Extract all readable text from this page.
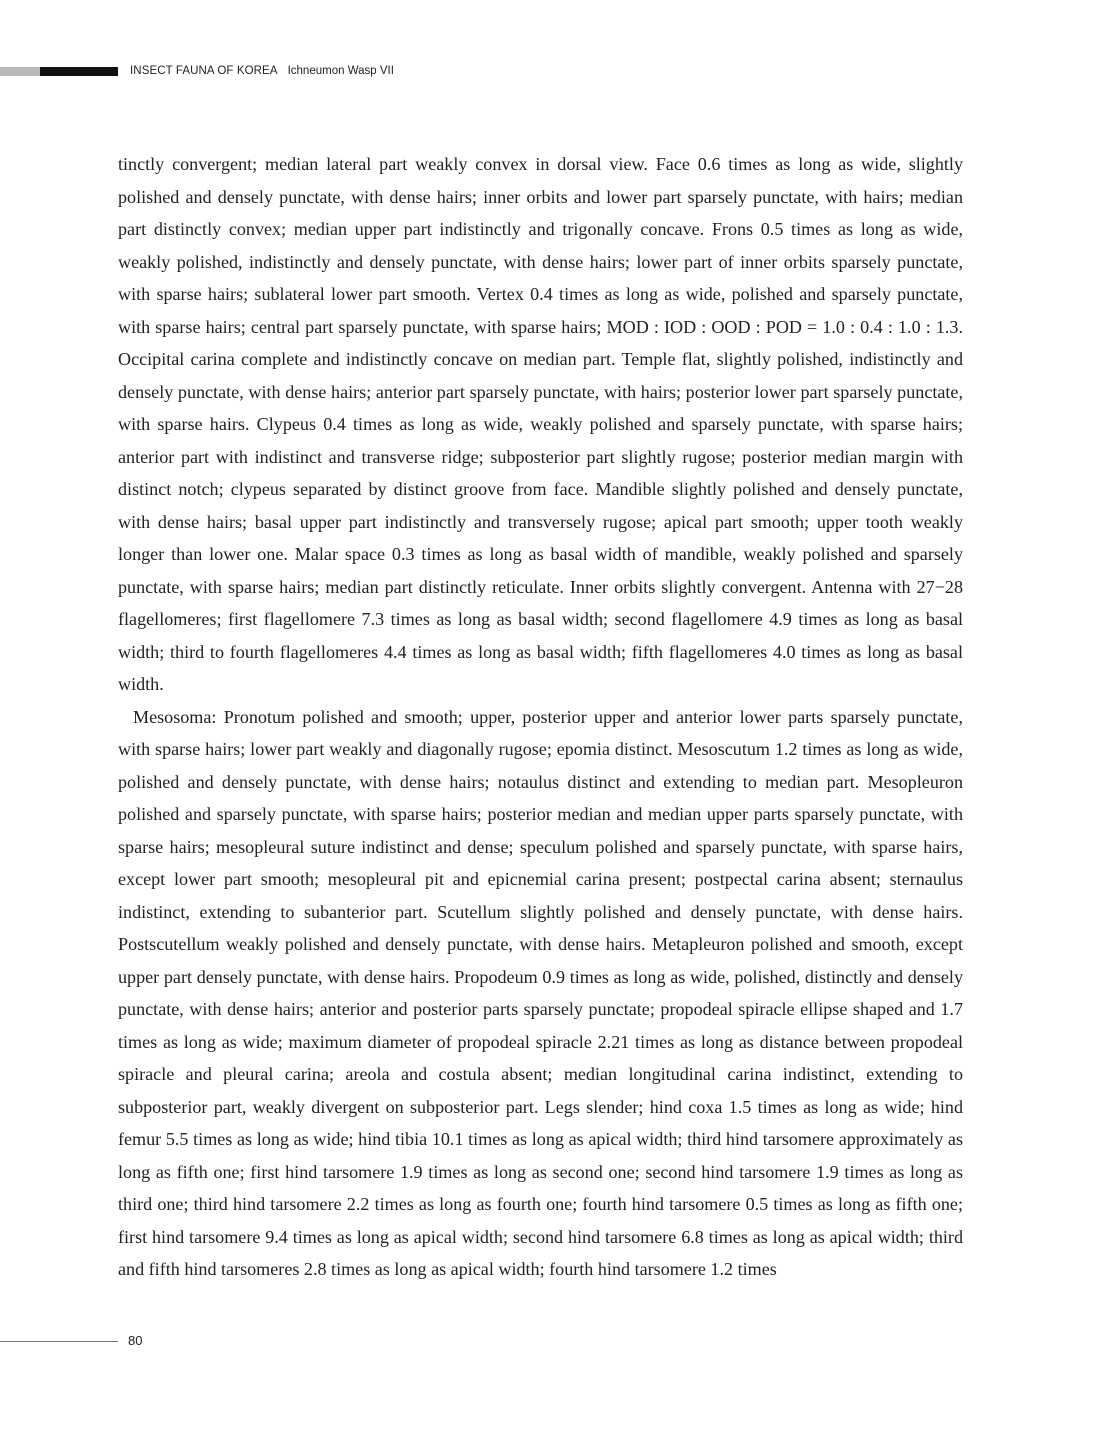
INSECT FAUNA OF KOREA Ichneumon Wasp VII

tinctly convergent; median lateral part weakly convex in dorsal view. Face 0.6 times as long as wide, slightly polished and densely punctate, with dense hairs; inner orbits and lower part sparsely punctate, with hairs; median part distinctly convex; median upper part indistinctly and trigonally concave. Frons 0.5 times as long as wide, weakly polished, indistinctly and densely punctate, with dense hairs; lower part of inner orbits sparsely punctate, with sparse hairs; sublateral lower part smooth. Vertex 0.4 times as long as wide, polished and sparsely punctate, with sparse hairs; central part sparsely punctate, with sparse hairs; MOD : IOD : OOD : POD = 1.0 : 0.4 : 1.0 : 1.3. Occipital carina complete and indistinctly concave on median part. Temple flat, slightly polished, indistinctly and densely punctate, with dense hairs; anterior part sparsely punctate, with hairs; posterior lower part sparsely punctate, with sparse hairs. Clypeus 0.4 times as long as wide, weakly polished and sparsely punctate, with sparse hairs; anterior part with indistinct and transverse ridge; subposterior part slightly rugose; posterior median margin with distinct notch; clypeus separated by distinct groove from face. Mandible slightly polished and densely punctate, with dense hairs; basal upper part indistinctly and transversely rugose; apical part smooth; upper tooth weakly longer than lower one. Malar space 0.3 times as long as basal width of mandible, weakly polished and sparsely punctate, with sparse hairs; median part distinctly reticulate. Inner orbits slightly convergent. Antenna with 27−28 flagellomeres; first flagellomere 7.3 times as long as basal width; second flagellomere 4.9 times as long as basal width; third to fourth flagellomeres 4.4 times as long as basal width; fifth flagellomeres 4.0 times as long as basal width.

Mesosoma: Pronotum polished and smooth; upper, posterior upper and anterior lower parts sparsely punctate, with sparse hairs; lower part weakly and diagonally rugose; epomia distinct. Mesoscutum 1.2 times as long as wide, polished and densely punctate, with dense hairs; notaulus distinct and extending to median part. Mesopleuron polished and sparsely punctate, with sparse hairs; posterior median and median upper parts sparsely punctate, with sparse hairs; mesopleural suture indistinct and dense; speculum polished and sparsely punctate, with sparse hairs, except lower part smooth; mesopleural pit and epicnemial carina present; postpectal carina absent; sternaulus indistinct, extending to subanterior part. Scutellum slightly polished and densely punctate, with dense hairs. Postscutellum weakly polished and densely punctate, with dense hairs. Metapleuron polished and smooth, except upper part densely punctate, with dense hairs. Propodeum 0.9 times as long as wide, polished, distinctly and densely punctate, with dense hairs; anterior and posterior parts sparsely punctate; propodeal spiracle ellipse shaped and 1.7 times as long as wide; maximum diameter of propodeal spiracle 2.21 times as long as distance between propodeal spiracle and pleural carina; areola and costula absent; median longitudinal carina indistinct, extending to subposterior part, weakly divergent on subposterior part. Legs slender; hind coxa 1.5 times as long as wide; hind femur 5.5 times as long as wide; hind tibia 10.1 times as long as apical width; third hind tarsomere approximately as long as fifth one; first hind tarsomere 1.9 times as long as second one; second hind tarsomere 1.9 times as long as third one; third hind tarsomere 2.2 times as long as fourth one; fourth hind tarsomere 0.5 times as long as fifth one; first hind tarsomere 9.4 times as long as apical width; second hind tarsomere 6.8 times as long as apical width; third and fifth hind tarsomeres 2.8 times as long as apical width; fourth hind tarsomere 1.2 times

80
